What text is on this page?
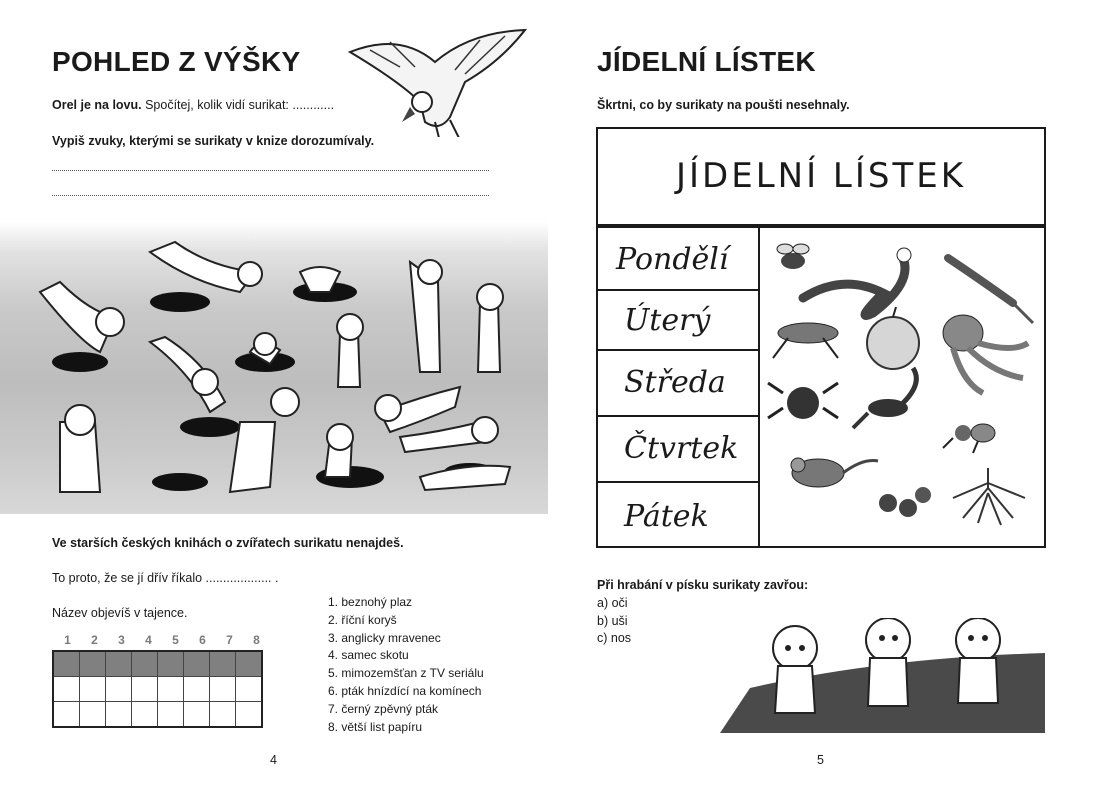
POHLED Z VÝŠKY
Orel je na lovu. Spočítej, kolik vidí surikat: ............
Vypiš zvuky, kterými se surikaty v knize dorozumívaly.
Ve starších českých knihách o zvířatech surikatu nenajdeš.
To proto, že se jí dřív říkalo ................... .
Název objevíš v tajence.
1	2	3	4	5	6	7	8

1. beznohý plaz
2. říční koryš
3. anglicky mravenec
4. samec skotu
5. mimozemšťan z TV seriálu
6. pták hnízdící na komínech
7. černý zpěvný pták
8. větší list papíru
4
JÍDELNÍ LÍSTEK
Škrtni, co by surikaty na poušti nesehnaly.
JÍDELNÍ LÍSTEK
Pondělí
Úterý
Středa
Čtvrtek
Pátek
Při hrabání v písku surikaty zavřou:
a) oči
b) uši
c) nos
5
